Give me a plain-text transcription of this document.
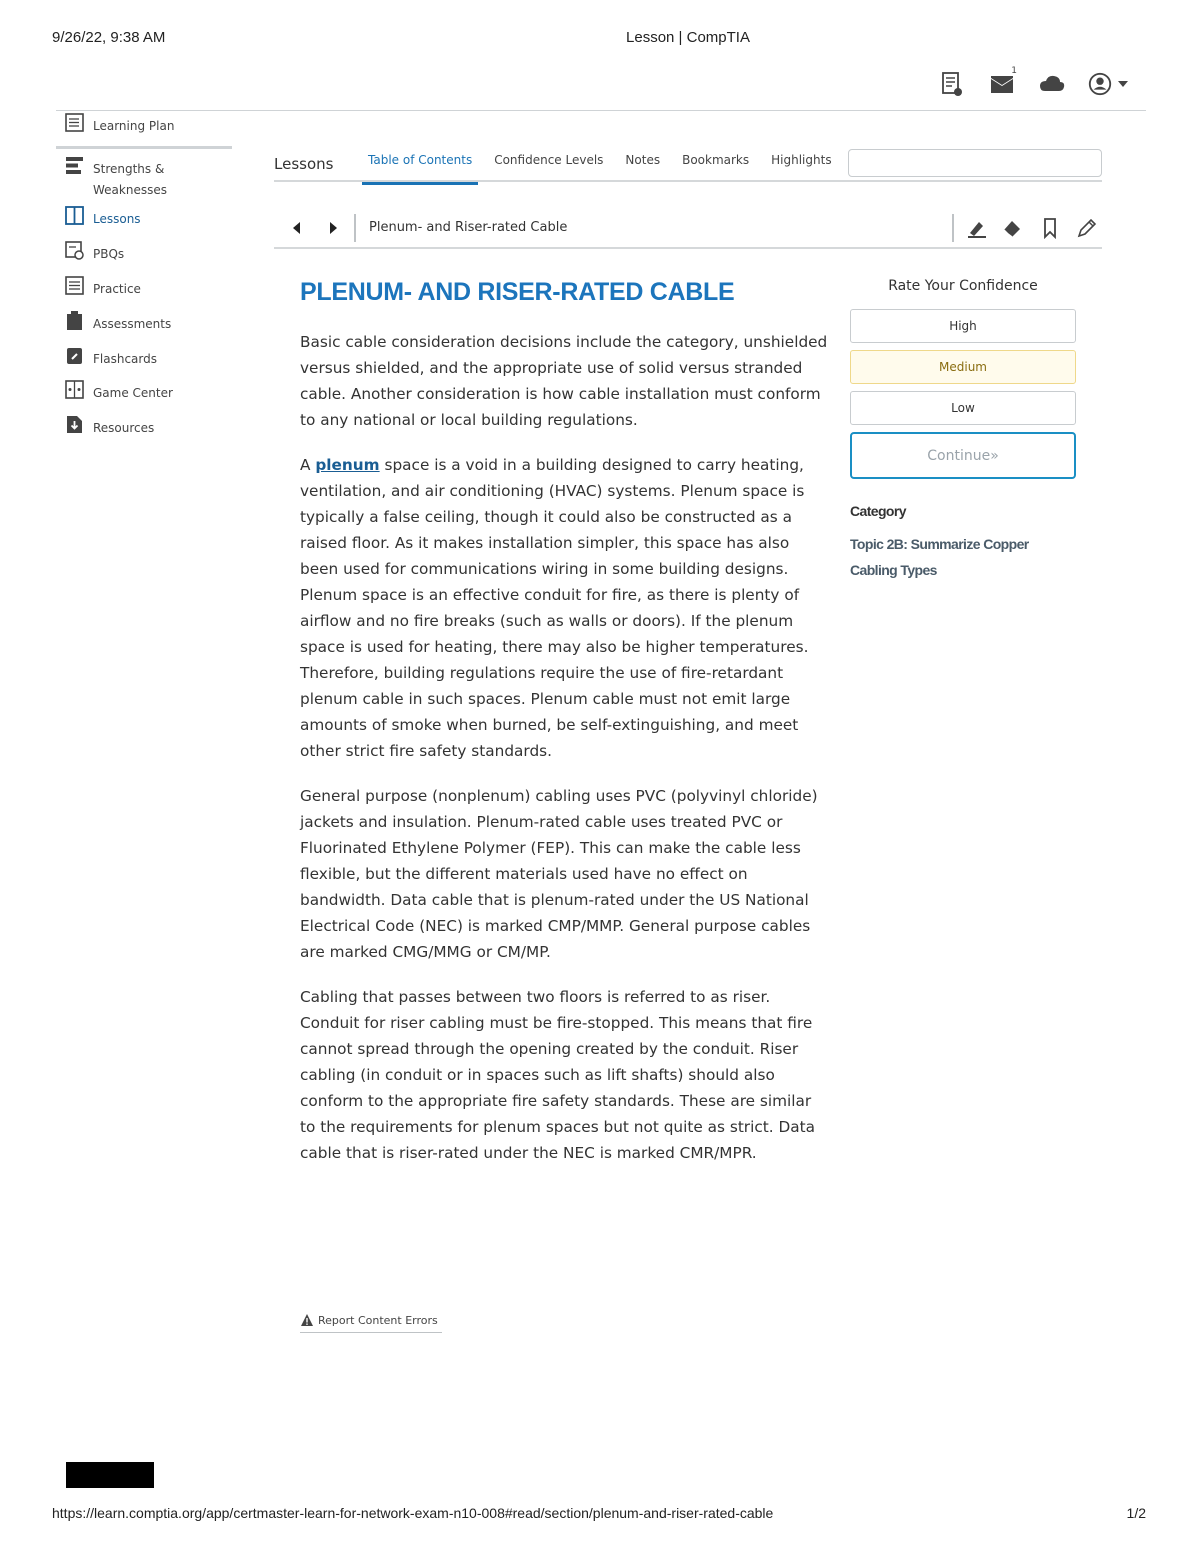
9/26/22, 9:38 AM	Lesson | CompTIA
1
Learning Plan
Strengths &
Weaknesses
Lessons
PBQs
Practice
Assessments
Flashcards
Game Center
Resources
Lessons	Table of Contents	Confidence Levels	Notes	Bookmarks	Highlights
Plenum- and Riser-rated Cable
PLENUM- AND RISER-RATED CABLE

Basic cable consideration decisions include the category, unshielded versus shielded, and the appropriate use of solid versus stranded cable. Another consideration is how cable installation must conform to any national or local building regulations.

A plenum space is a void in a building designed to carry heating, ventilation, and air conditioning (HVAC) systems. Plenum space is typically a false ceiling, though it could also be constructed as a raised floor. As it makes installation simpler, this space has also been used for communications wiring in some building designs. Plenum space is an effective conduit for fire, as there is plenty of airflow and no fire breaks (such as walls or doors). If the plenum space is used for heating, there may also be higher temperatures. Therefore, building regulations require the use of fire-retardant plenum cable in such spaces. Plenum cable must not emit large amounts of smoke when burned, be self-extinguishing, and meet other strict fire safety standards.

General purpose (nonplenum) cabling uses PVC (polyvinyl chloride) jackets and insulation. Plenum-rated cable uses treated PVC or Fluorinated Ethylene Polymer (FEP). This can make the cable less flexible, but the different materials used have no effect on bandwidth. Data cable that is plenum-rated under the US National Electrical Code (NEC) is marked CMP/MMP. General purpose cables are marked CMG/MMG or CM/MP.

Cabling that passes between two floors is referred to as riser. Conduit for riser cabling must be fire-stopped. This means that fire cannot spread through the opening created by the conduit. Riser cabling (in conduit or in spaces such as lift shafts) should also conform to the appropriate fire safety standards. These are similar to the requirements for plenum spaces but not quite as strict. Data cable that is riser-rated under the NEC is marked CMR/MPR.

Report Content Errors
Rate Your Confidence
High
Medium
Low
Continue »
Category
Topic 2B: Summarize Copper Cabling Types
https://learn.comptia.org/app/certmaster-learn-for-network-exam-n10-008#read/section/plenum-and-riser-rated-cable	1/2
